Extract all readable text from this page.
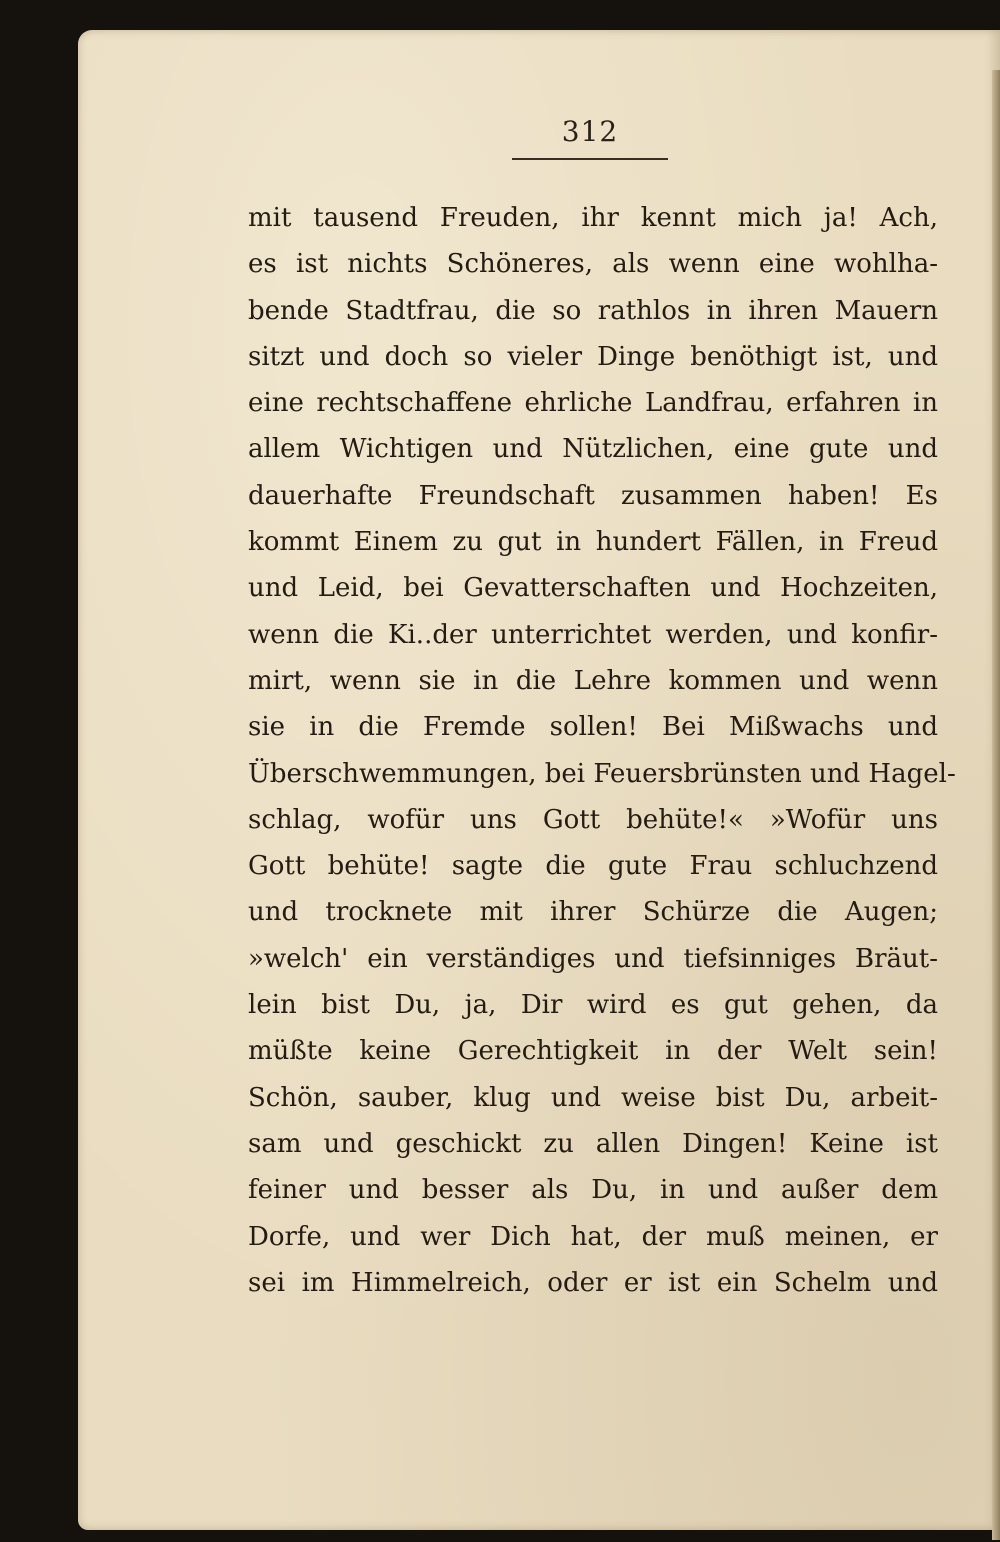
312
mit tausend Freuden, ihr kennt mich ja! Ach,
es ist nichts Schöneres, als wenn eine wohlha-
bende Stadtfrau, die so rathlos in ihren Mauern
sitzt und doch so vieler Dinge benöthigt ist, und
eine rechtschaffene ehrliche Landfrau, erfahren in
allem Wichtigen und Nützlichen, eine gute und
dauerhafte Freundschaft zusammen haben! Es
kommt Einem zu gut in hundert Fällen, in Freud
und Leid, bei Gevatterschaften und Hochzeiten,
wenn die Ki..der unterrichtet werden, und konfir-
mirt, wenn sie in die Lehre kommen und wenn
sie in die Fremde sollen! Bei Mißwachs und
Überschwemmungen, bei Feuersbrünsten und Hagel-
schlag, wofür uns Gott behüte!« »Wofür uns
Gott behüte! sagte die gute Frau schluchzend
und trocknete mit ihrer Schürze die Augen;
»welch' ein verständiges und tiefsinniges Bräut-
lein bist Du, ja, Dir wird es gut gehen, da
müßte keine Gerechtigkeit in der Welt sein!
Schön, sauber, klug und weise bist Du, arbeit-
sam und geschickt zu allen Dingen! Keine ist
feiner und besser als Du, in und außer dem
Dorfe, und wer Dich hat, der muß meinen, er
sei im Himmelreich, oder er ist ein Schelm und
